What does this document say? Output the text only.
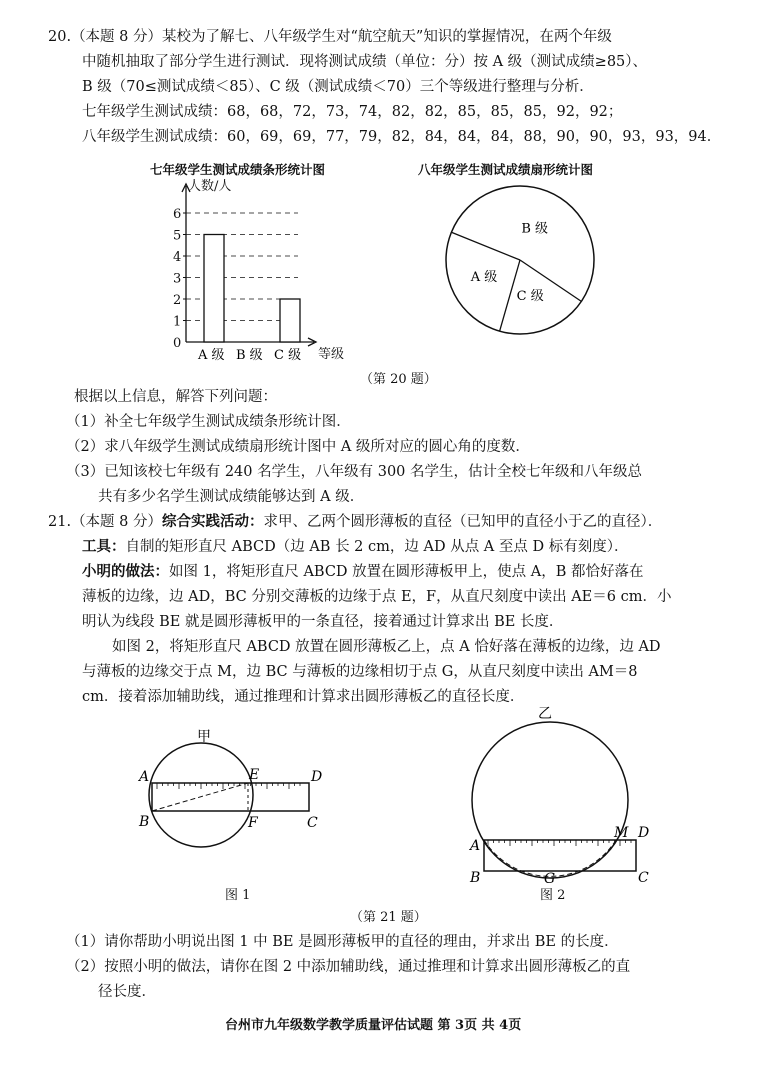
20.（本题 8 分）某校为了解七、八年级学生对“航空航天”知识的掌握情况，在两个年级
中随机抽取了部分学生进行测试．现将测试成绩（单位：分）按 A 级（测试成绩≥85）、
B 级（70≤测试成绩＜85）、C 级（测试成绩＜70）三个等级进行整理与分析．
七年级学生测试成绩：68，68，72，73，74，82，82，85，85，85，92，92；
八年级学生测试成绩：60，69，69，77，79，82，84，84，84，88，90，90，93，93，94．
七年级学生测试成绩条形统计图	八年级学生测试成绩扇形统计图
人数/人
等级
0
1
2
3
4
5
6
A 级 B 级 C 级
B 级
C 级
A 级
（第 20 题）
根据以上信息，解答下列问题：
（1）补全七年级学生测试成绩条形统计图．
（2）求八年级学生测试成绩扇形统计图中 A 级所对应的圆心角的度数．
（3）已知该校七年级有 240 名学生，八年级有 300 名学生，估计全校七年级和八年级总
共有多少名学生测试成绩能够达到 A 级．
21.（本题 8 分）综合实践活动：求甲、乙两个圆形薄板的直径（已知甲的直径小于乙的直径）．
工具：自制的矩形直尺 ABCD（边 AB 长 2 cm，边 AD 从点 A 至点 D 标有刻度）．
小明的做法：如图 1，将矩形直尺 ABCD 放置在圆形薄板甲上，使点 A，B 都恰好落在
薄板的边缘，边 AD，BC 分别交薄板的边缘于点 E，F，从直尺刻度中读出 AE＝6 cm．小
明认为线段 BE 就是圆形薄板甲的一条直径，接着通过计算求出 BE 长度．
如图 2，将矩形直尺 ABCD 放置在圆形薄板乙上，点 A 恰好落在薄板的边缘，边 AD
与薄板的边缘交于点 M，边 BC 与薄板的边缘相切于点 G，从直尺刻度中读出 AM＝8
cm．接着添加辅助线，通过推理和计算求出圆形薄板乙的直径长度．
甲
A
B
E
F
D
C
图 1
乙
A
B	G
M D
C
图 2
（第 21 题）
（1）请你帮助小明说出图 1 中 BE 是圆形薄板甲的直径的理由，并求出 BE 的长度．
（2）按照小明的做法，请你在图 2 中添加辅助线，通过推理和计算求出圆形薄板乙的直
径长度．
台州市九年级数学教学质量评估试题 第 3页 共 4页
